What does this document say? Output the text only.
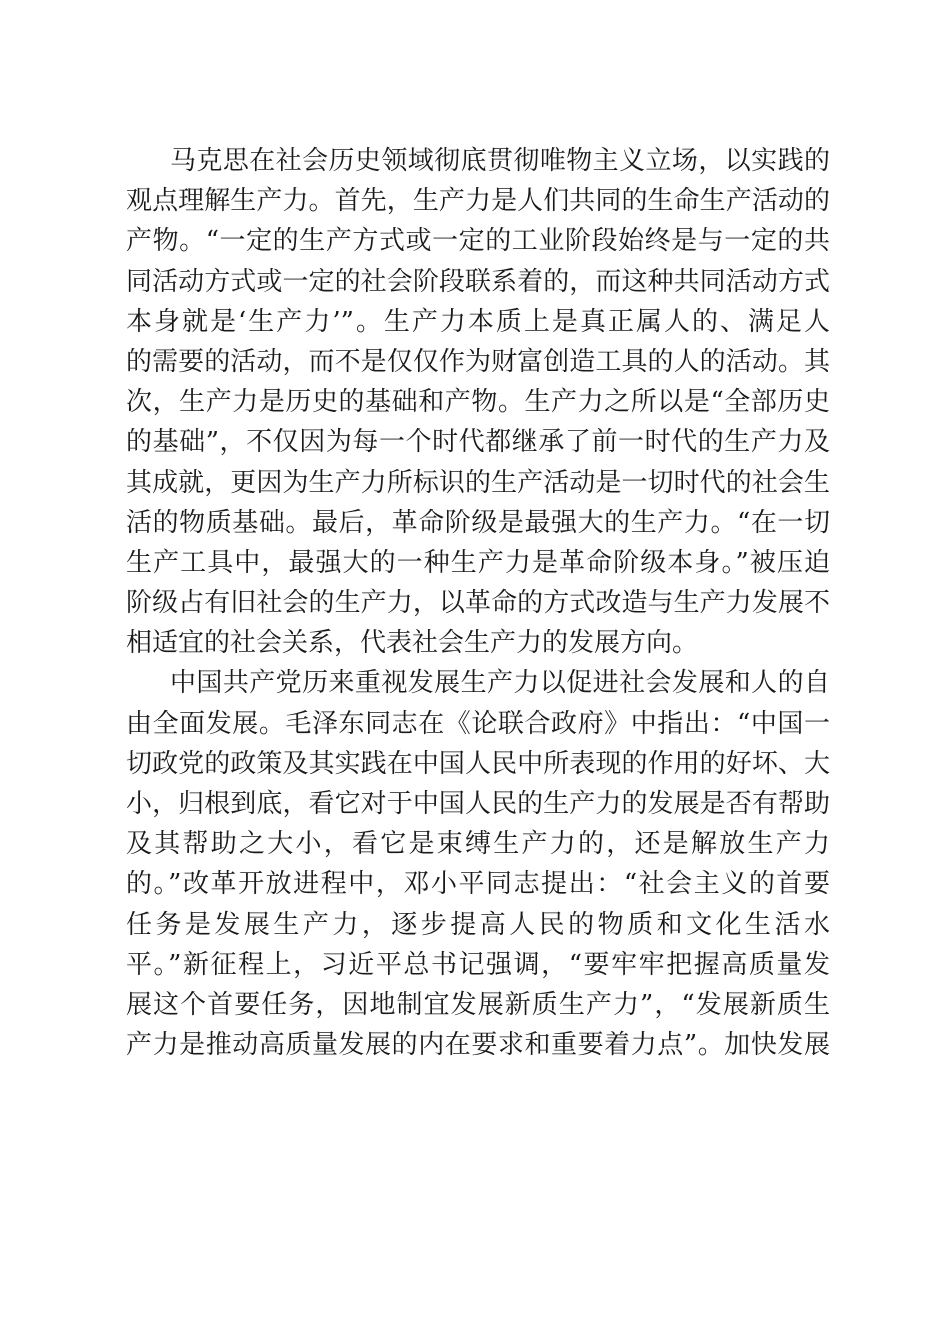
马克思在社会历史领域彻底贯彻唯物主义立场，以实践的
观点理解生产力。首先，生产力是人们共同的生命生产活动的
产物。“一定的生产方式或一定的工业阶段始终是与一定的共
同活动方式或一定的社会阶段联系着的，而这种共同活动方式
本身就是‘生产力’”。生产力本质上是真正属人的、满足人
的需要的活动，而不是仅仅作为财富创造工具的人的活动。其
次，生产力是历史的基础和产物。生产力之所以是“全部历史
的基础”，不仅因为每一个时代都继承了前一时代的生产力及
其成就，更因为生产力所标识的生产活动是一切时代的社会生
活的物质基础。最后，革命阶级是最强大的生产力。“在一切
生产工具中，最强大的一种生产力是革命阶级本身。”被压迫
阶级占有旧社会的生产力，以革命的方式改造与生产力发展不
相适宜的社会关系，代表社会生产力的发展方向。
中国共产党历来重视发展生产力以促进社会发展和人的自
由全面发展。毛泽东同志在《论联合政府》中指出：“中国一
切政党的政策及其实践在中国人民中所表现的作用的好坏、大
小，归根到底，看它对于中国人民的生产力的发展是否有帮助
及其帮助之大小，看它是束缚生产力的，还是解放生产力
的。”改革开放进程中，邓小平同志提出：“社会主义的首要
任务是发展生产力，逐步提高人民的物质和文化生活水
平。”新征程上，习近平总书记强调，“要牢牢把握高质量发
展这个首要任务，因地制宜发展新质生产力”，“发展新质生
产力是推动高质量发展的内在要求和重要着力点”。加快发展
